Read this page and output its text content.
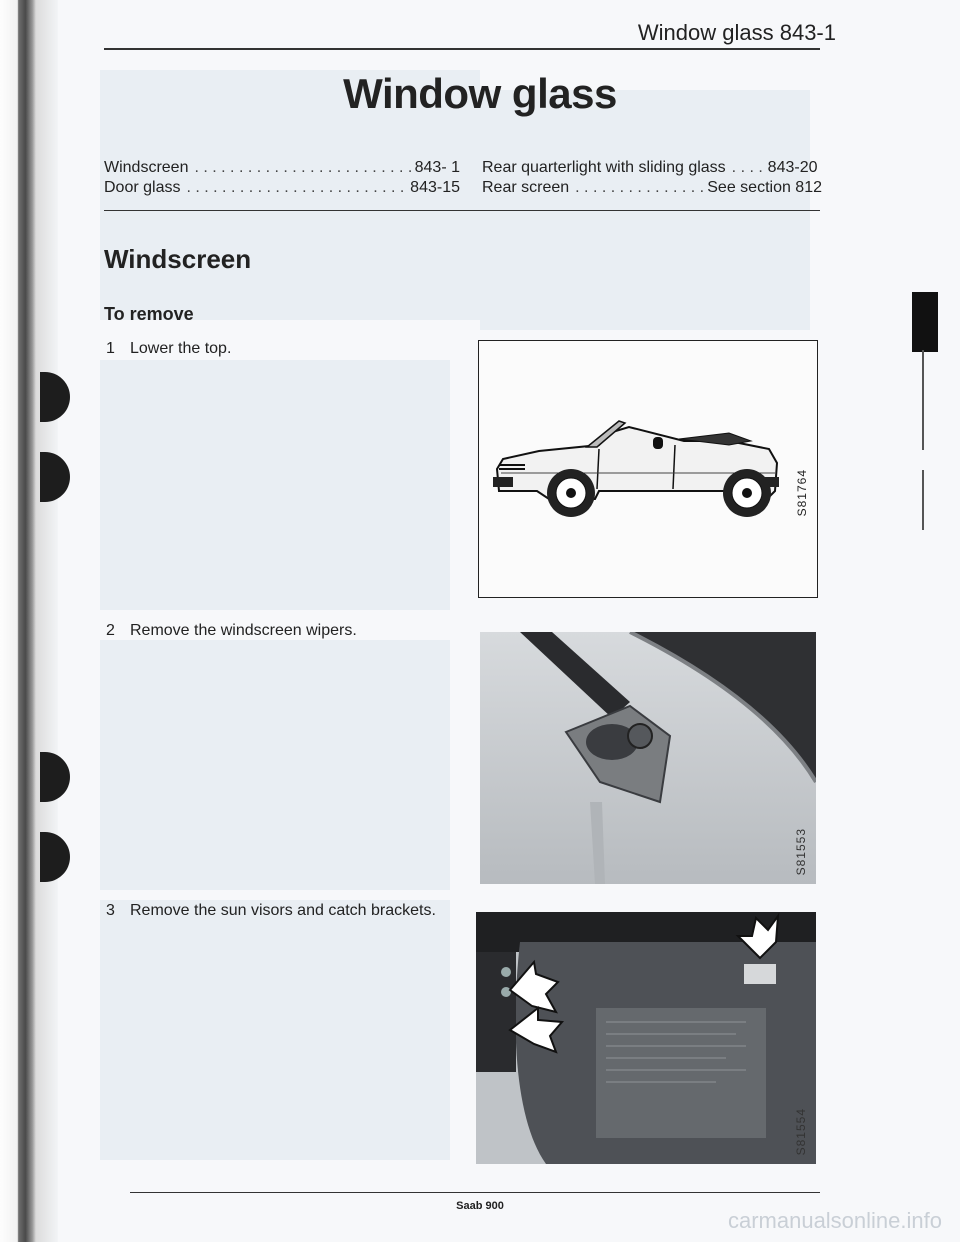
Window glass 843-1
Window glass
Windscreen . . .	843- 1
Door glass . . .	843-15
Rear quarterlight with sliding glass . . .	843-20
Rear screen . . .	See section 812
Windscreen
To remove
1 Lower the top.
2 Remove the windscreen wipers.
3 Remove the sun visors and catch brackets.
S81764
S81553
S81554
Saab 900
carmanualsonline.info
